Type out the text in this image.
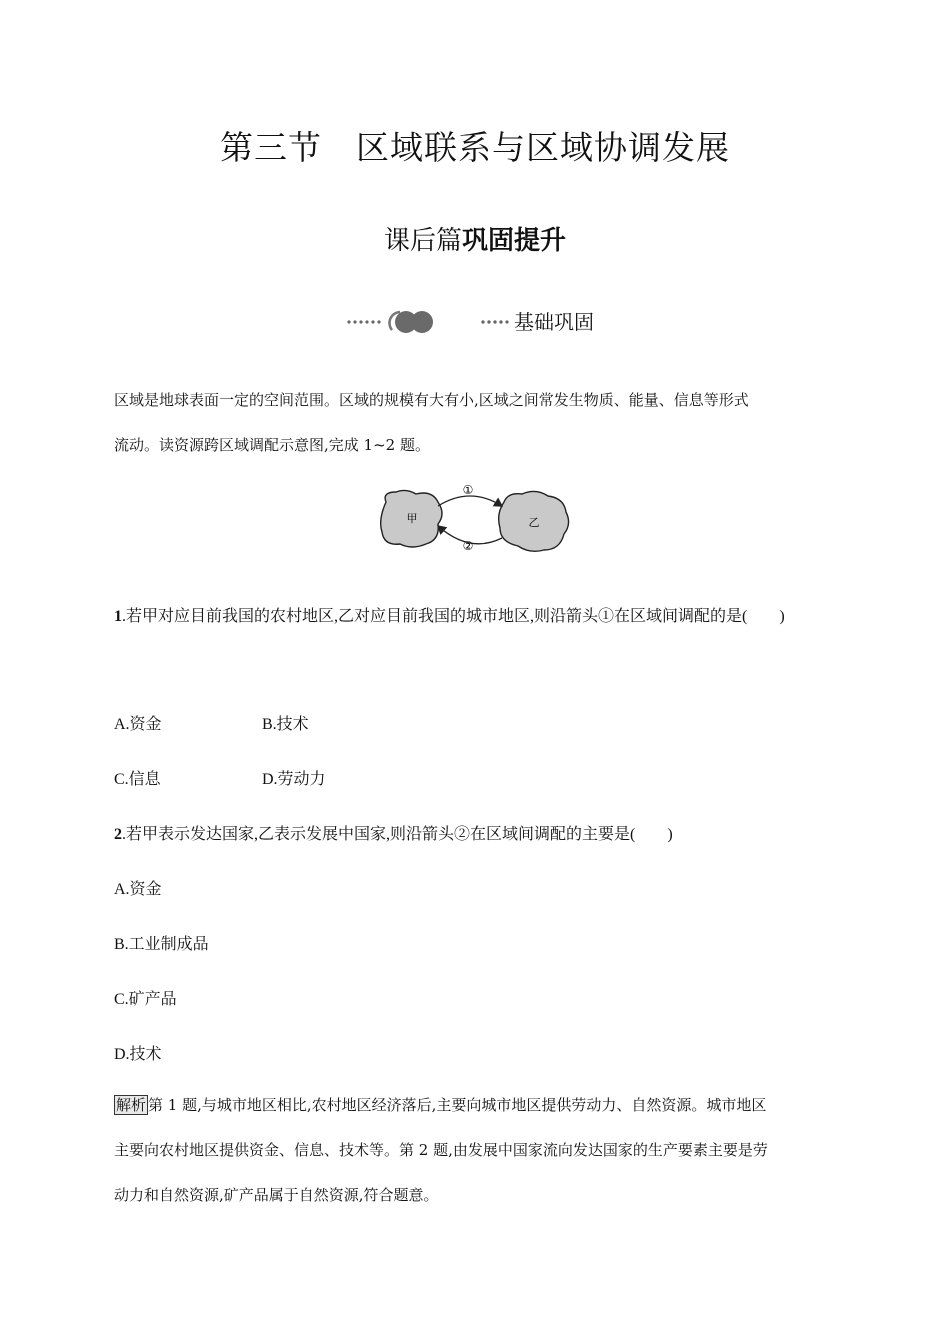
第三节　区域联系与区域协调发展
课后篇巩固提升
基础巩固
区域是地球表面一定的空间范围。区域的规模有大有小,区域之间常发生物质、能量、信息等形式
流动。读资源跨区域调配示意图,完成 1~2 题。
甲	乙
①
②
1.若甲对应目前我国的农村地区,乙对应目前我国的城市地区,则沿箭头①在区域间调配的是(　　)
A.资金	B.技术
C.信息	D.劳动力
2.若甲表示发达国家,乙表示发展中国家,则沿箭头②在区域间调配的主要是(　　)
A.资金
B.工业制成品
C.矿产品
D.技术
解析 第 1 题,与城市地区相比,农村地区经济落后,主要向城市地区提供劳动力、自然资源。城市地区
主要向农村地区提供资金、信息、技术等。第 2 题,由发展中国家流向发达国家的生产要素主要是劳
动力和自然资源,矿产品属于自然资源,符合题意。
